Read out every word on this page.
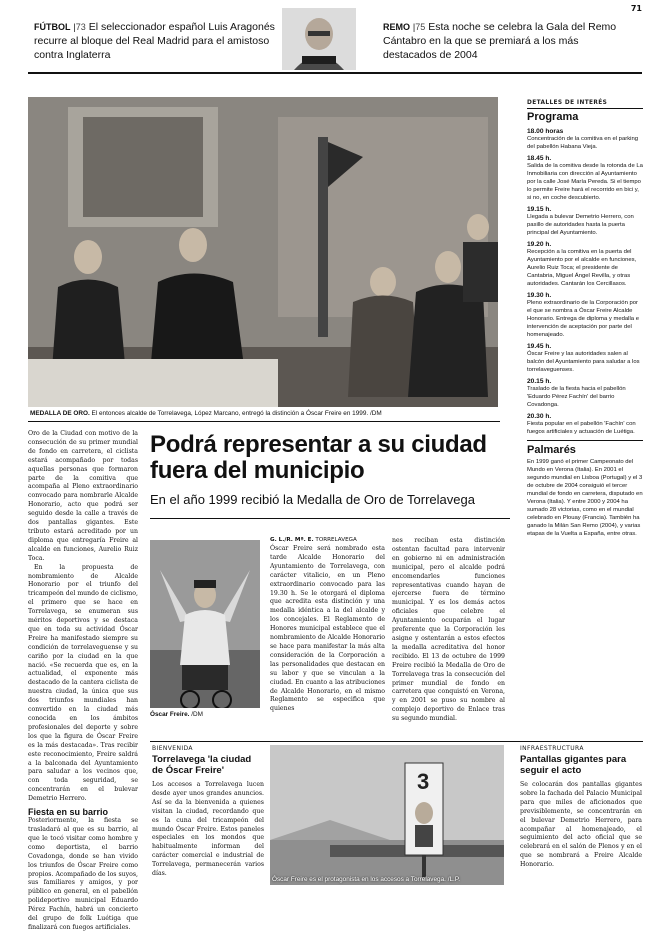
71
FÚTBOL |73 El seleccionador español Luis Aragonés recurre al bloque del Real Madrid para el amistoso contra Inglaterra
REMO |75 Esta noche se celebra la Gala del Remo Cántabro en la que se premiará a los más destacados de 2004
MEDALLA DE ORO. El entonces alcalde de Torrelavega, López Marcano, entregó la distinción a Óscar Freire en 1999. /DM

Oro de la Ciudad con motivo de la consecución de su primer mundial de fondo en carretera, el ciclista estará acompañado por todas aquellas personas que formaron parte de la comitiva que acompaña al Pleno extraordinario convocado para nombrarle Alcalde Honorario, acto que podrá ser seguido desde la calle a través de dos pantallas gigantes. Este tributo estará acreditado por un diploma que entregaría Freire al alcalde en funciones, Aurelio Ruiz Toca.

En la propuesta de nombramiento de Alcalde Honorario por el triunfo del tricampeón del mundo de ciclismo, el primero que se hace en Torrelavega, se enumeran sus méritos deportivos y se destaca que en toda su actividad Óscar Freire ha manifestado siempre su condición de torrelaveguense y su cariño por la ciudad en la que nació. «Se recuerda que es, en la actualidad, el exponente más destacado de la cantera ciclista de nuestra ciudad, la única que sus dos triunfos mundiales han convertido en la ciudad más conocida en los ámbitos profesionales del deporte y sobre los que la figura de Óscar Freire es la más destacada». Tras recibir este reconocimiento, Freire saldrá a la balconada del Ayuntamiento para saludar a los vecinos que, con toda seguridad, se concentrarán en el bulevar Demetrio Herrero.

Fiesta en su barrio

Posteriormente, la fiesta se trasladará al que es su barrio, al que le tocó visitar como hombre y como deportista, el barrio Covadonga, donde se han vivido los triunfos de Óscar Freire como propios. Acompañado de los suyos, sus familiares y amigos, y por público en general, en el pabellón polideportivo municipal Eduardo Pérez Fachín, habrá un concierto del grupo de folk Luétiga que finalizará con fuegos artificiales.

Podrá representar a su ciudad fuera del municipio
En el año 1999 recibió la Medalla de Oro de Torrelavega
Óscar Freire. /DM
G. L./R. Mª. E. TORRELAVEGA

Óscar Freire será nombrado esta tarde Alcalde Honorario del Ayuntamiento de Torrelavega, con carácter vitalicio, en un Pleno extraordinario convocado para las 19.30 h. Se le otorgará el diploma que acredita esta distinción y una medalla idéntica a la del alcalde y los concejales. El Reglamento de Honores municipal establece que el nombramiento de Alcalde Honorario se hace para manifestar la más alta consideración de la Corporación a las personalidades que destacan en su labor y que se vinculan a la ciudad. En cuanto a las atribuciones de Alcalde Honorario, en el mismo Reglamento se especifica que quienes

nes reciban esta distinción ostentan facultad para intervenir en gobierno ni en administración municipal, pero el alcalde podrá encomendarles funciones representativas cuando hayan de ejercerse fuera de término municipal. Y es los demás actos oficiales que celebre el Ayuntamiento ocuparán el lugar preferente que la Corporación les asigne y ostentarán a estos efectos la medalla acreditativa del honor recibido. El 13 de octubre de 1999 Freire recibió la Medalla de Oro de Torrelavega tras la consecución del primer mundial de fondo en carretera que conquistó en Verona, y en 2001 se puso su nombre al complejo deportivo de Enlace tras su segundo mundial.

DETALLES DE INTERÉS
Programa

18.00 horas

Concentración de la comitiva en el parking del pabellón Habana Vieja.

18.45 h.

Salida de la comitiva desde la rotonda de La Inmobiliaria con dirección al Ayuntamiento por la calle José María Pereda. Si el tiempo lo permite Freire hará el recorrido en bici y, si no, en coche descubierto.

19.15 h.

Llegada a bulevar Demetrio Herrero, con pasillo de autoridades hasta la puerta principal del Ayuntamiento.

19.20 h.

Recepción a la comitiva en la puerta del Ayuntamiento por el alcalde en funciones, Aurelio Ruiz Toca; el presidente de Cantabria, Miguel Ángel Revilla, y otras autoridades. Cantarán los Cercillasos.

19.30 h.

Pleno extraordinario de la Corporación por el que se nombra a Óscar Freire Alcalde Honorario. Entrega de diploma y medalla e intervención de aceptación por parte del homenajeado.

19.45 h.

Óscar Freire y las autoridades salen al balcón del Ayuntamiento para saludar a los torrelaveguenses.

20.15 h.

Traslado de la fiesta hacia el pabellón 'Eduardo Pérez Fachín' del barrio Covadonga.

20.30 h.

Fiesta popular en el pabellón 'Fachín' con fuegos artificiales y actuación de Luétiga.

Palmarés

En 1999 ganó el primer Campeonato del Mundo en Verona (Italia). En 2001 el segundo mundial en Lisboa (Portugal) y el 3 de octubre de 2004 consiguió el tercer mundial de fondo en carretera, disputado en Verona (Italia). Y entre 2000 y 2004 ha sumado 28 victorias, como en el mundial celebrado en Plouay (Francia). También ha ganado la Milán San Remo (2004), y varias etapas de la Vuelta a España, entre otras.

BIENVENIDA
Torrelavega 'la ciudad de Óscar Freire'

Los accesos a Torrelavega lucen desde ayer unos grandes anuncios. Así se da la bienvenida a quienes visitan la ciudad, recordando que es la cuna del tricampeón del mundo Óscar Freire. Estos paneles especiales en los mondos que habitualmente informan del carácter comercial e industrial de Torrelavega, permanecerán varios días.

3
Óscar Freire es el protagonista en los accesos a Torrelavega. /L.P.
INFRAESTRUCTURA
Pantallas gigantes para seguir el acto

Se colocarán dos pantallas gigantes sobre la fachada del Palacio Municipal para que miles de aficionados que previsiblemente, se concentrarán en el bulevar Demetrio Herrero, para acompañar al homenajeado, el seguimiento del acto oficial que se celebrará en el salón de Plenos y en el que se nombrará a Freire Alcalde Honorario.
